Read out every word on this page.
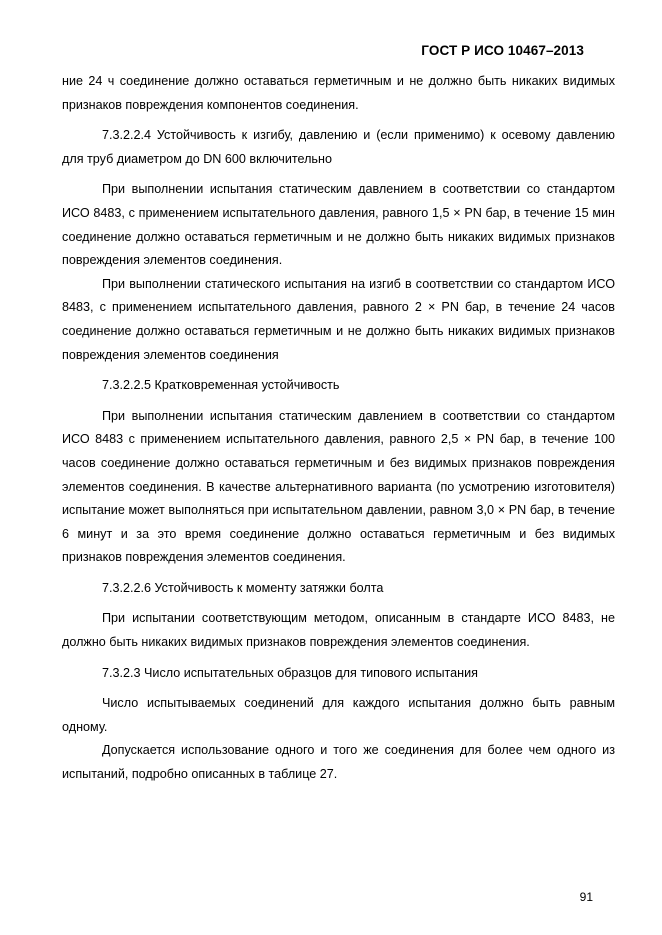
ГОСТ Р ИСО 10467–2013

ние 24 ч соединение должно оставаться герметичным и не должно быть никаких видимых признаков повреждения компонентов соединения.

7.3.2.2.4 Устойчивость к изгибу, давлению и (если применимо) к осевому давлению для труб диаметром до DN 600 включительно

При выполнении испытания статическим давлением в соответствии со стандартом ИСО 8483, с применением испытательного давления, равного 1,5 × PN бар, в течение 15 мин соединение должно оставаться герметичным и не должно быть никаких видимых признаков повреждения элементов соединения.

При выполнении статического испытания на изгиб в соответствии со стандартом ИСО 8483, с применением испытательного давления, равного 2 × PN бар, в течение 24 часов соединение должно оставаться герметичным и не должно быть никаких видимых признаков повреждения элементов соединения

7.3.2.2.5 Кратковременная устойчивость

При выполнении испытания статическим давлением в соответствии со стандартом ИСО 8483 с применением испытательного давления, равного 2,5 × PN бар, в течение 100 часов соединение должно оставаться герметичным и без видимых признаков повреждения элементов соединения. В качестве альтернативного варианта (по усмотрению изготовителя) испытание может выполняться при испытательном давлении, равном 3,0 × PN бар, в течение 6 минут и за это время соединение должно оставаться герметичным и без видимых признаков повреждения элементов соединения.

7.3.2.2.6 Устойчивость к моменту затяжки болта

При испытании соответствующим методом, описанным в стандарте ИСО 8483, не должно быть никаких видимых признаков повреждения элементов соединения.

7.3.2.3 Число испытательных образцов для типового испытания

Число испытываемых соединений для каждого испытания должно быть равным одному.

Допускается использование одного и того же соединения для более чем одного из испытаний, подробно описанных в таблице 27.

91
